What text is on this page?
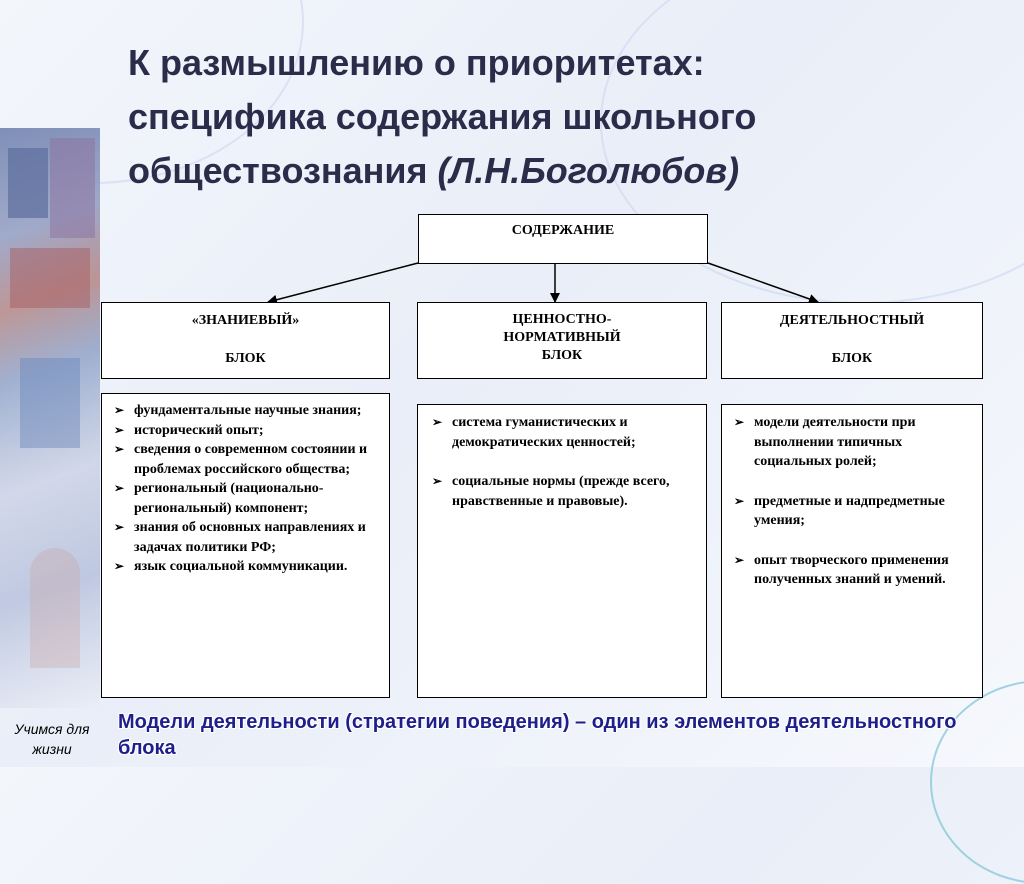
Учимся для жизни
К размышлению о приоритетах:
специфика содержания школьного
обществознания (Л.Н.Боголюбов)
СОДЕРЖАНИЕ
«ЗНАНИЕВЫЙ»
БЛОК
ЦЕННОСТНО-
НОРМАТИВНЫЙ
БЛОК
ДЕЯТЕЛЬНОСТНЫЙ
БЛОК
➢ фундаментальные научные знания;
➢ исторический опыт;
➢ сведения о современном состоянии и проблемах российского общества;
➢ региональный (национально-региональный) компонент;
➢ знания об основных направлениях и задачах политики РФ;
➢ язык социальной коммуникации.
➢ система гуманистических и демократических ценностей;
➢ социальные нормы (прежде всего, нравственные и правовые).
➢ модели деятельности при выполнении типичных социальных ролей;
➢ предметные и надпредметные умения;
➢ опыт творческого применения полученных знаний и умений.
Модели деятельности (стратегии поведения) – один из элементов деятельностного блока
